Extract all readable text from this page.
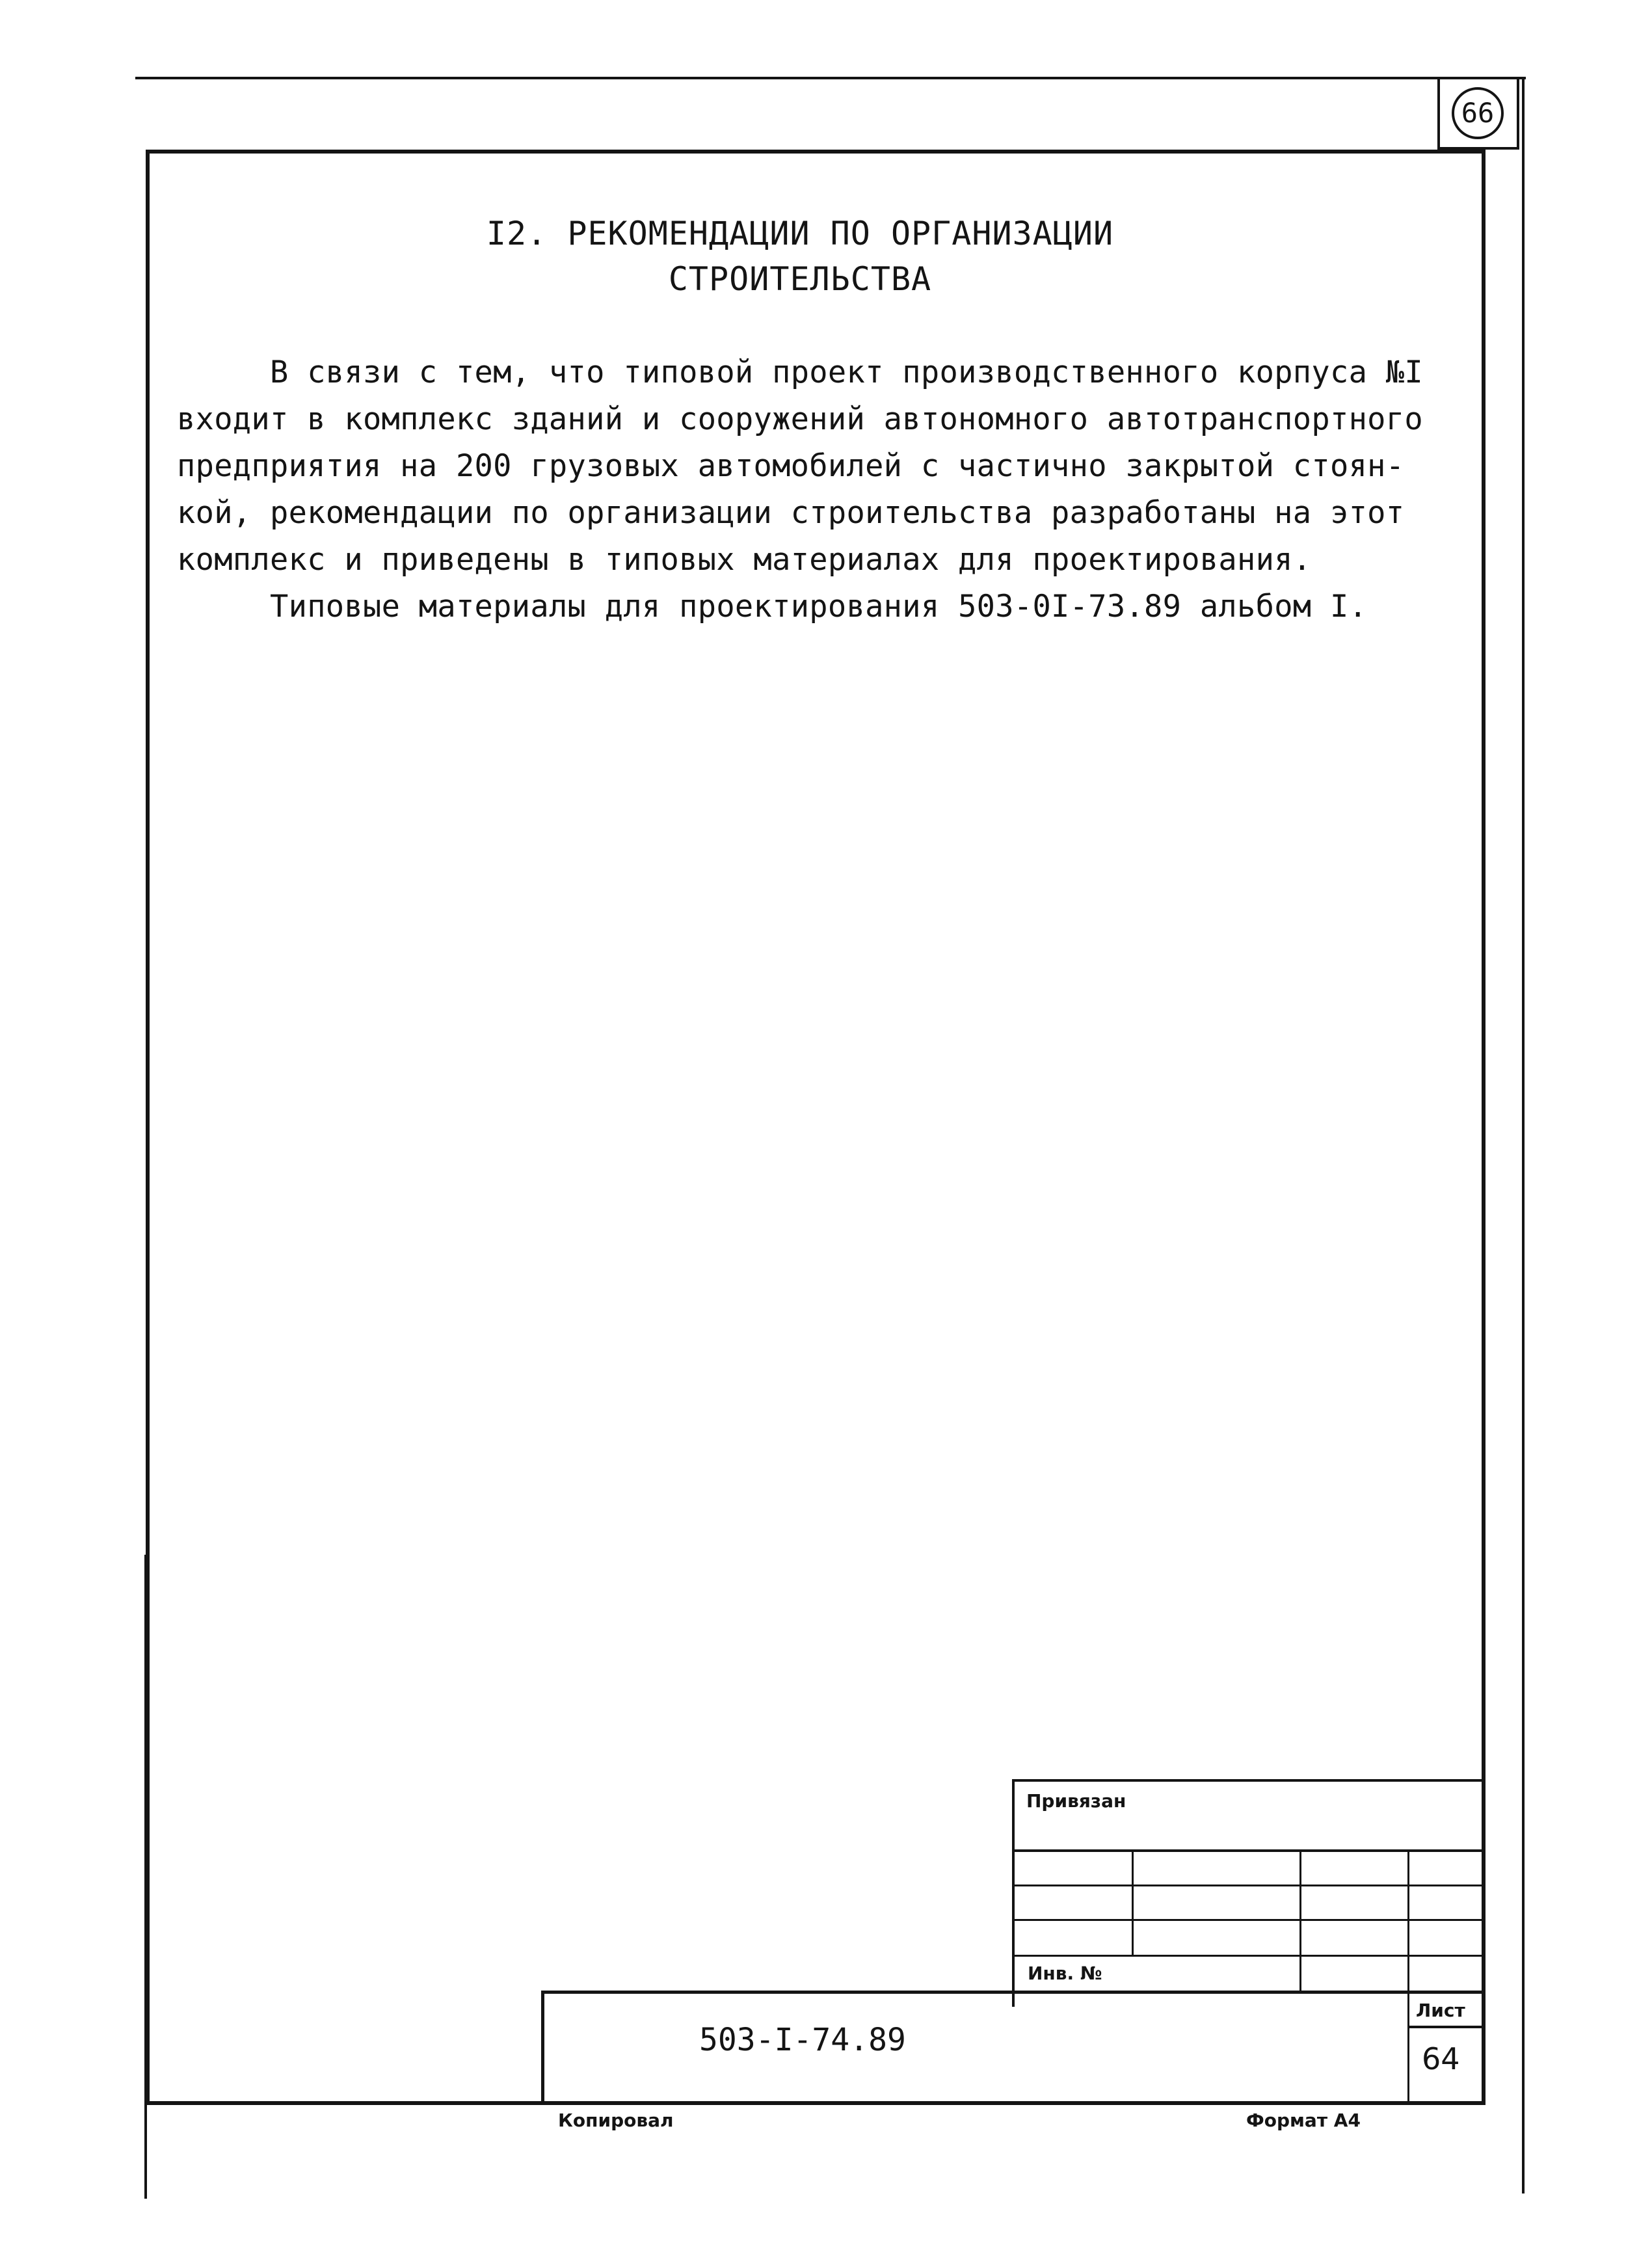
66
I2. РЕКОМЕНДАЦИИ ПО ОРГАНИЗАЦИИ
СТРОИТЕЛЬСТВА
В связи с тем, что типовой проект производственного корпуса №I
входит в комплекс зданий и сооружений автономного автотранспортного
предприятия на 200 грузовых автомобилей с частично закрытой стоян-
кой, рекомендации по организации строительства разработаны на этот
комплекс и приведены в типовых материалах для проектирования.
Типовые материалы для проектирования 503-0I-73.89 альбом I.
Привязан
Инв. №
503-I-74.89
Лист
64
Копировал	Формат А4
